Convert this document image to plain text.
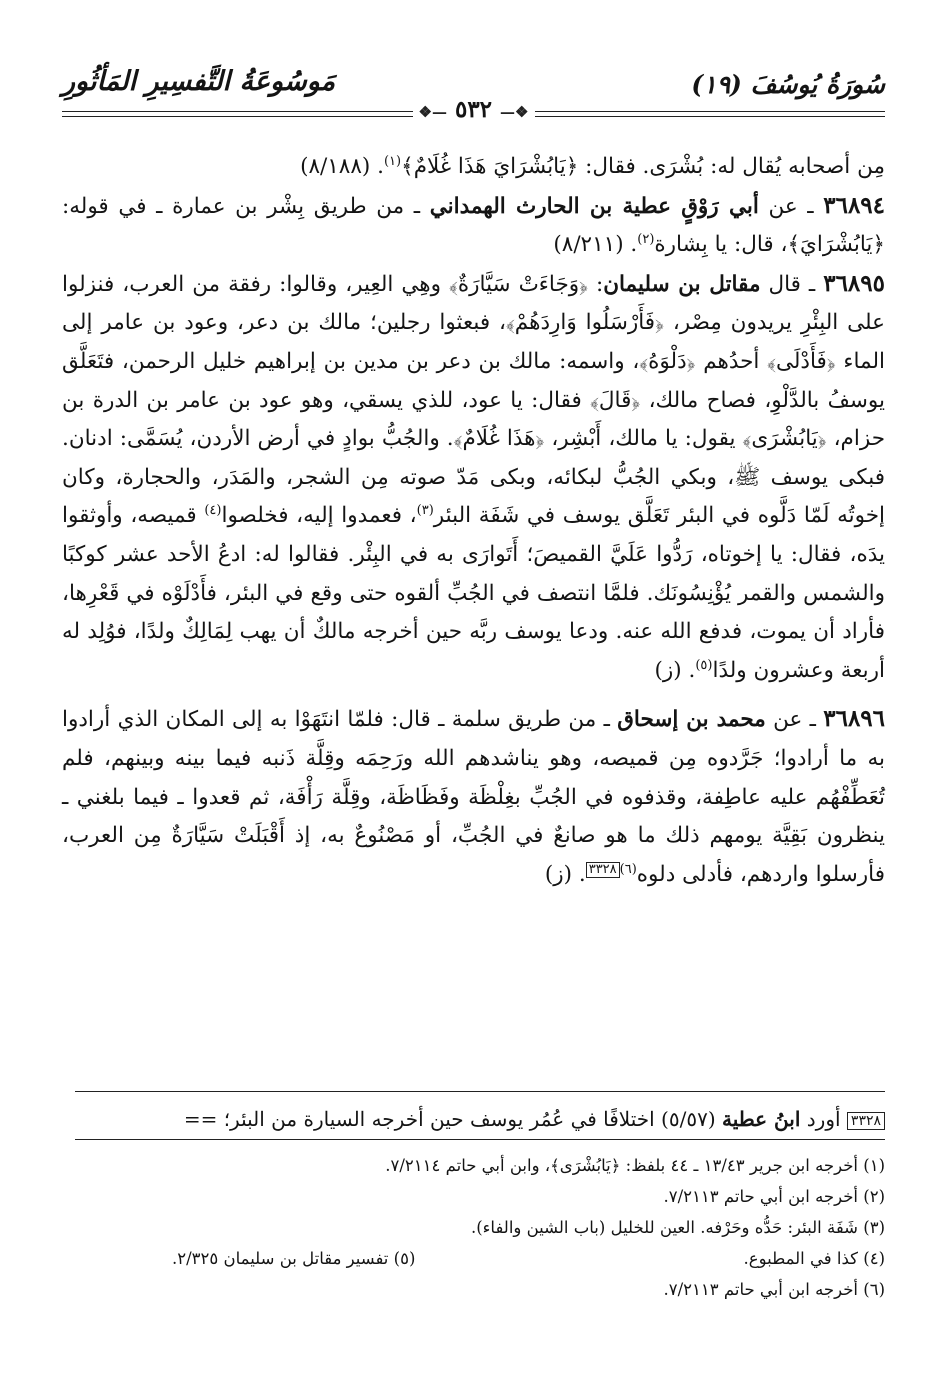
سُورَةُ يُوسُفَ (١٩)
مَوسُوعَةُ التَّفسِيرِ المَأثُورِ
❖— ٥٣٢ —❖

مِن أصحابه يُقال له: بُشْرَى. فقال: ﴿يَابُشْرَايَ هَذَا غُلَامٌ﴾$^{(١)}$. (٨/١٨٨)

٣٦٨٩٤ ـ عن أبي رَوْقٍ عطية بن الحارث الهمداني ـ من طريق بِشْر بن عمارة ـ في قوله: ﴿يَابُشْرَايَ﴾، قال: يا بِشارة$^{(٢)}$. (٨/٢١١)

٣٦٨٩٥ ـ قال مقاتل بن سليمان: ﴿وَجَاءَتْ سَيَّارَةٌ﴾ وهِي العِير، وقالوا: رفقة من العرب، فنزلوا على البِئْرِ يريدون مِصْر، ﴿فَأَرْسَلُوا وَارِدَهُمْ﴾، فبعثوا رجلين؛ مالك بن دعر، وعود بن عامر إلى الماء ﴿فَأَدْلَى﴾ أحدُهم ﴿دَلْوَهُ﴾، واسمه: مالك بن دعر بن مدين بن إبراهيم خليل الرحمن، فتَعَلَّق يوسفُ بالدَّلْوِ، فصاح مالك، ﴿قَالَ﴾ فقال: يا عود، للذي يسقي، وهو عود بن عامر بن الدرة بن حزام، ﴿يَابُشْرَى﴾ يقول: يا مالك، أَبْشِر، ﴿هَذَا غُلَامٌ﴾. والجُبُّ بوادٍ في أرض الأردن، يُسَمَّى: ادنان. فبكى يوسف ﷺ، وبكي الجُبُّ لبكائه، وبكى مَدّ صوته مِن الشجر، والمَدَر، والحجارة، وكان إخوتُه لَمّا دَلَّوه في البئر تَعَلَّق يوسف في شَفَة البئر$^{(٣)}$، فعمدوا إليه، فخلصوا$^{(٤)}$ قميصه، وأوثقوا يدَه، فقال: يا إخوتاه، رَدُّوا عَلَيَّ القميصَ؛ أَتَوارَى به في البِئْر. فقالوا له: ادعُ الأحد عشر كوكبًا والشمس والقمر يُؤْنِسُونَك. فلمَّا انتصف في الجُبِّ ألقوه حتى وقع في البئر، فأَدْلَوْه في قَعْرِها، فأراد أن يموت، فدفع الله عنه. ودعا يوسف ربَّه حين أخرجه مالكٌ أن يهب لِمَالِكٌ ولدًا، فوُلِد له أربعة وعشرون ولدًا$^{(٥)}$. (ز)

٣٦٨٩٦ ـ عن محمد بن إسحاق ـ من طريق سلمة ـ قال: فلمّا انتَهَوْا به إلى المكان الذي أرادوا به ما أرادوا؛ جَرَّدوه مِن قميصه، وهو يناشدهم الله ورَحِمَه وقِلَّة ذَنبه فيما بينه وبينهم، فلم تُعَطِّفْهُم عليه عاطِفة، وقذفوه في الجُبِّ بغِلْظَة وفَظَاظَة، وقِلَّة رَأْفَة، ثم قعدوا ـ فيما بلغني ـ ينظرون بَقِيَّة يومهم ذلك ما هو صانعٌ في الجُبِّ، أو مَصْنُوعٌ به، إذ أَقْبَلَتْ سَيَّارَةٌ مِن العرب، فأرسلوا واردهم، فأدلى دلوه$^{(٦)}$٣٣٢٨. (ز)

٣٣٢٨ أورد ابنُ عطية (٥/٥٧) اختلافًا في عُمُر يوسف حين أخرجه السيارة من البئر؛ ==
(١) أخرجه ابن جرير ١٣/٤٣ ـ ٤٤ بلفظ: ﴿يَابُشْرَى﴾، وابن أبي حاتم ٧/٢١١٤.
(٢) أخرجه ابن أبي حاتم ٧/٢١١٣.
(٣) شَفَة البئر: حَدُّه وحَرْفه. العين للخليل (باب الشين والفاء).
(٤) كذا في المطبوع.
(٥) تفسير مقاتل بن سليمان ٢/٣٢٥.
(٦) أخرجه ابن أبي حاتم ٧/٢١١٣.
